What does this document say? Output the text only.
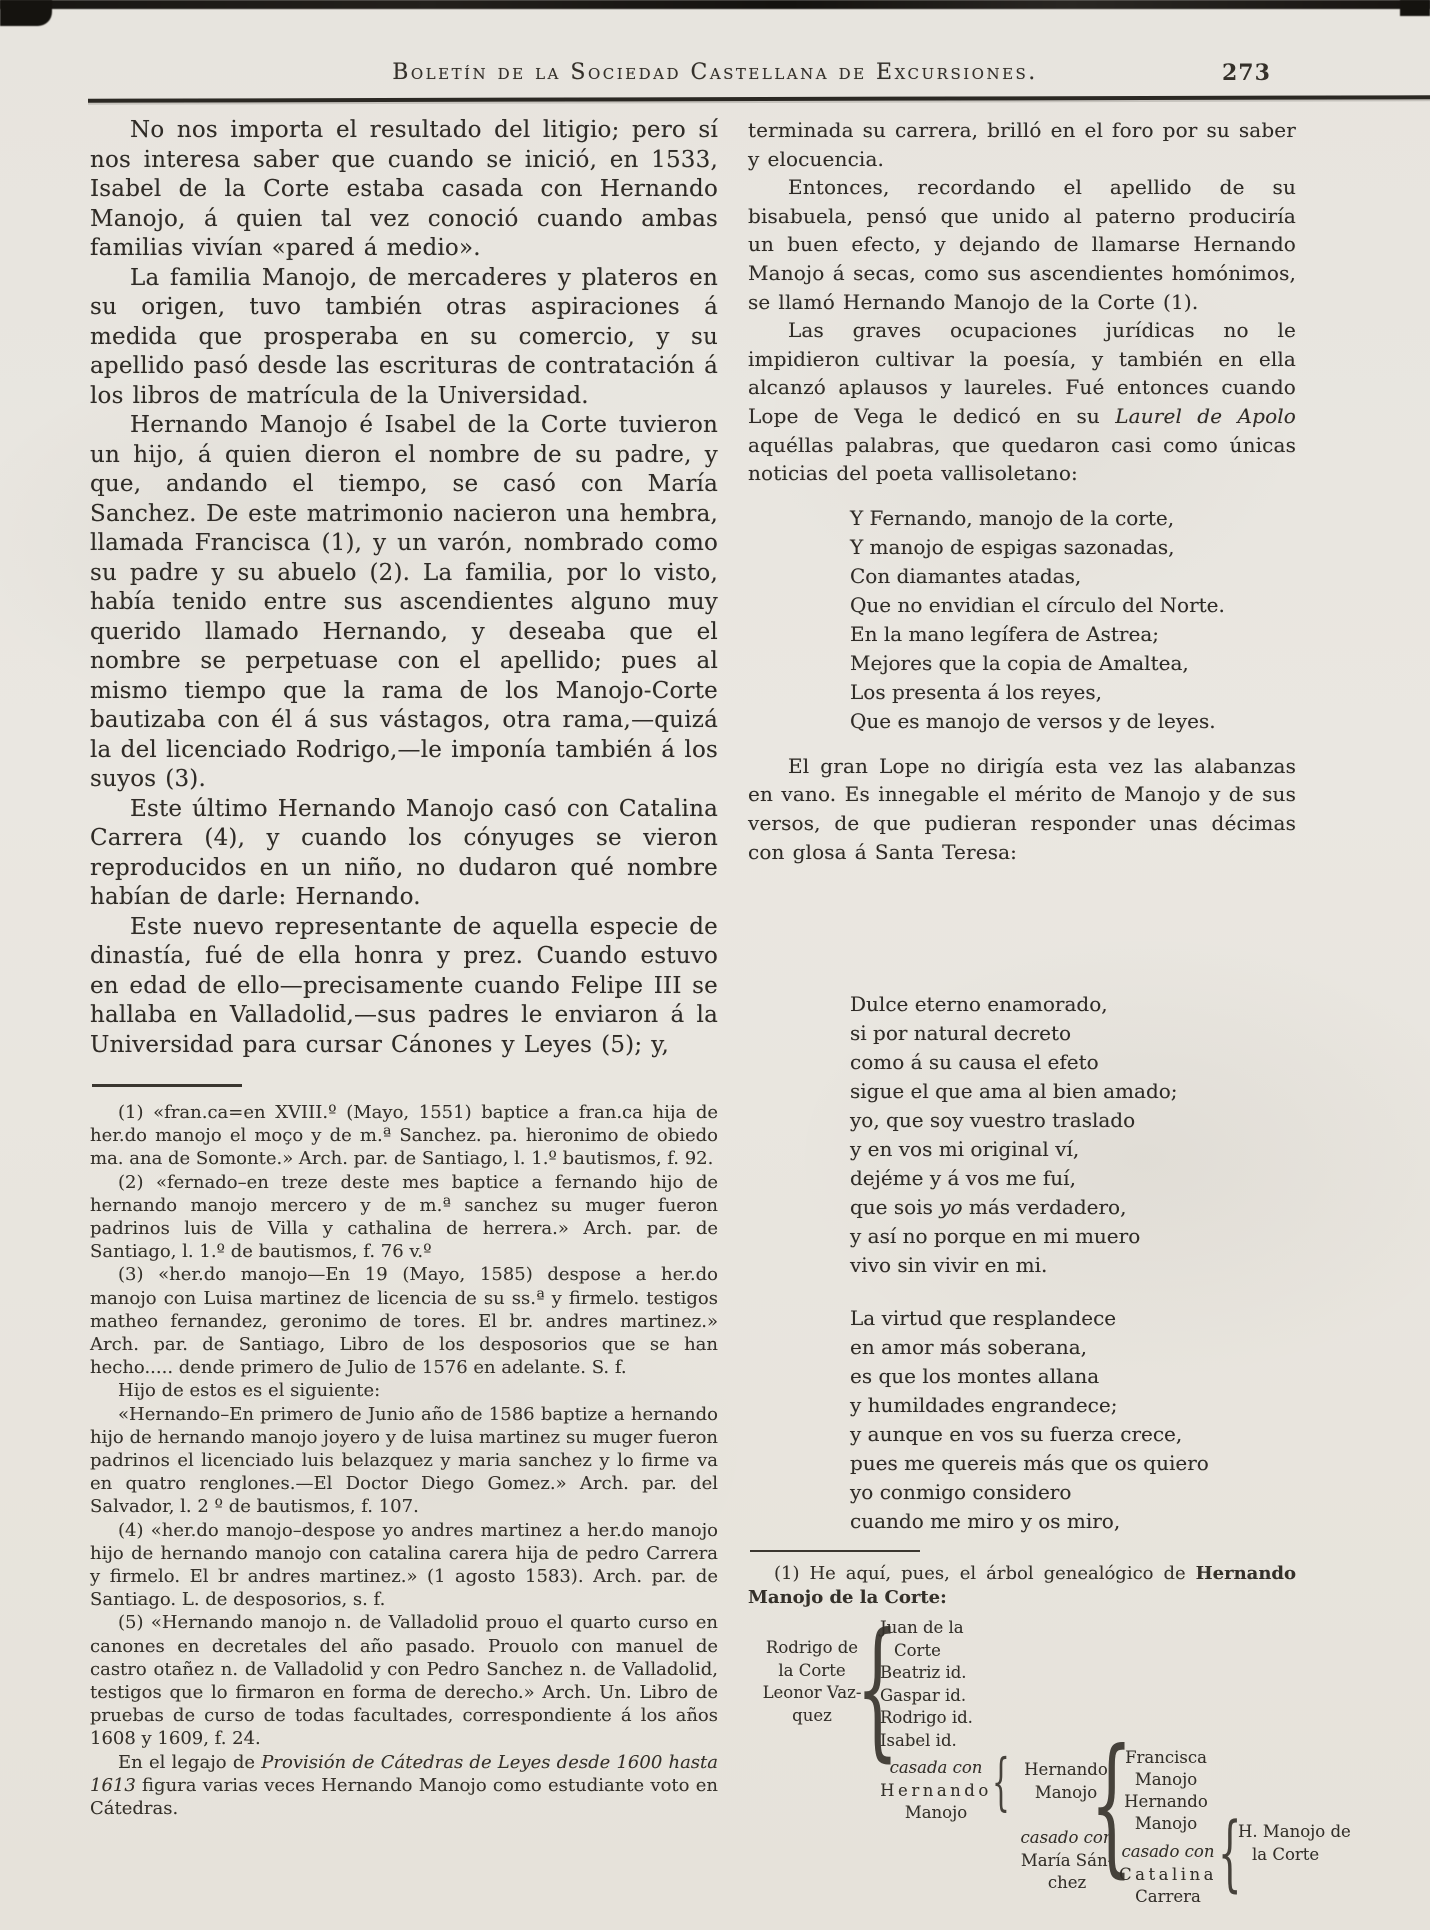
Boletín de la Sociedad Castellana de Excursiones.	273

No nos importa el resultado del litigio; pero sí nos interesa saber que cuando se inició, en 1533, Isabel de la Corte estaba casada con Hernando Manojo, á quien tal vez conoció cuando ambas familias vivían «pared á medio».

La familia Manojo, de mercaderes y plateros en su origen, tuvo también otras aspiraciones á medida que prosperaba en su comercio, y su apellido pasó desde las escrituras de contratación á los libros de matrícula de la Universidad.

Hernando Manojo é Isabel de la Corte tuvieron un hijo, á quien dieron el nombre de su padre, y que, andando el tiempo, se casó con María Sanchez. De este matrimonio nacieron una hembra, llamada Francisca (1), y un varón, nombrado como su padre y su abuelo (2). La familia, por lo visto, había tenido entre sus ascendientes alguno muy querido llamado Hernando, y deseaba que el nombre se perpetuase con el apellido; pues al mismo tiempo que la rama de los Manojo-Corte bautizaba con él á sus vástagos, otra rama,—quizá la del licenciado Rodrigo,—le imponía también á los suyos (3).

Este último Hernando Manojo casó con Catalina Carrera (4), y cuando los cónyuges se vieron reproducidos en un niño, no dudaron qué nombre habían de darle: Hernando.

Este nuevo representante de aquella especie de dinastía, fué de ella honra y prez. Cuando estuvo en edad de ello—precisamente cuando Felipe III se hallaba en Valladolid,—sus padres le enviaron á la Universidad para cursar Cánones y Leyes (5); y,

(1) «fran.ca=en XVIII.º (Mayo, 1551) baptice a fran.ca hija de her.do manojo el moço y de m.ª Sanchez. pa. hieronimo de obiedo ma. ana de Somonte.» Arch. par. de Santiago, l. 1.º bautismos, f. 92.

(2) «fernado–en treze deste mes baptice a fernando hijo de hernando manojo mercero y de m.ª sanchez su muger fueron padrinos luis de Villa y cathalina de herrera.» Arch. par. de Santiago, l. 1.º de bautismos, f. 76 v.º

(3) «her.do manojo—En 19 (Mayo, 1585) despose a her.do manojo con Luisa martinez de licencia de su ss.ª y firmelo. testigos matheo fernandez, geronimo de tores. El br. andres martinez.» Arch. par. de Santiago, Libro de los desposorios que se han hecho..... dende primero de Julio de 1576 en adelante. S. f.

Hijo de estos es el siguiente:

«Hernando–En primero de Junio año de 1586 baptize a hernando hijo de hernando manojo joyero y de luisa martinez su muger fueron padrinos el licenciado luis belazquez y maria sanchez y lo firme va en quatro renglones.—El Doctor Diego Gomez.» Arch. par. del Salvador, l. 2 º de bautismos, f. 107.

(4) «her.do manojo–despose yo andres martinez a her.do manojo hijo de hernando manojo con catalina carera hija de pedro Carrera y firmelo. El br andres martinez.» (1 agosto 1583). Arch. par. de Santiago. L. de desposorios, s. f.

(5) «Hernando manojo n. de Valladolid prouo el quarto curso en canones en decretales del año pasado. Prouolo con manuel de castro otañez n. de Valladolid y con Pedro Sanchez n. de Valladolid, testigos que lo firmaron en forma de derecho.» Arch. Un. Libro de pruebas de curso de todas facultades, correspondiente á los años 1608 y 1609, f. 24.

En el legajo de Provisión de Cátedras de Leyes desde 1600 hasta 1613 figura varias veces Hernando Manojo como estudiante voto en Cátedras.

terminada su carrera, brilló en el foro por su saber y elocuencia.

Entonces, recordando el apellido de su bisabuela, pensó que unido al paterno produciría un buen efecto, y dejando de llamarse Hernando Manojo á secas, como sus ascendientes homónimos, se llamó Hernando Manojo de la Corte (1).

Las graves ocupaciones jurídicas no le impidieron cultivar la poesía, y también en ella alcanzó aplausos y laureles. Fué entonces cuando Lope de Vega le dedicó en su Laurel de Apolo aquéllas palabras, que quedaron casi como únicas noticias del poeta vallisoletano:

Y Fernando, manojo de la corte,
Y manojo de espigas sazonadas,
Con diamantes atadas,
Que no envidian el círculo del Norte.
En la mano legífera de Astrea;
Mejores que la copia de Amaltea,
Los presenta á los reyes,
Que es manojo de versos y de leyes.

El gran Lope no dirigía esta vez las alabanzas en vano. Es innegable el mérito de Manojo y de sus versos, de que pudieran responder unas décimas con glosa á Santa Teresa:

Dulce eterno enamorado,
si por natural decreto
como á su causa el efeto
sigue el que ama al bien amado;
yo, que soy vuestro traslado
y en vos mi original ví,
dejéme y á vos me fuí,
que sois yo más verdadero,
y así no porque en mi muero
vivo sin vivir en mi.
La virtud que resplandece
en amor más soberana,
es que los montes allana
y humildades engrandece;
y aunque en vos su fuerza crece,
pues me quereis más que os quiero
yo conmigo considero
cuando me miro y os miro,

(1) He aquí, pues, el árbol genealógico de Hernando Manojo de la Corte:

Rodrigo de
la Corte
Leonor Vaz-
quez
{
Juan de la
Corte
Beatriz id.
Gaspar id.
Rodrigo id.
Isabel id.
casada con
Hernando
Manojo
{
Hernando
Manojo
casado con
María Sán-
chez
{
Francisca
Manojo
Hernando
Manojo
casado con
Catalina
Carrera
{
H. Manojo de
la Corte
